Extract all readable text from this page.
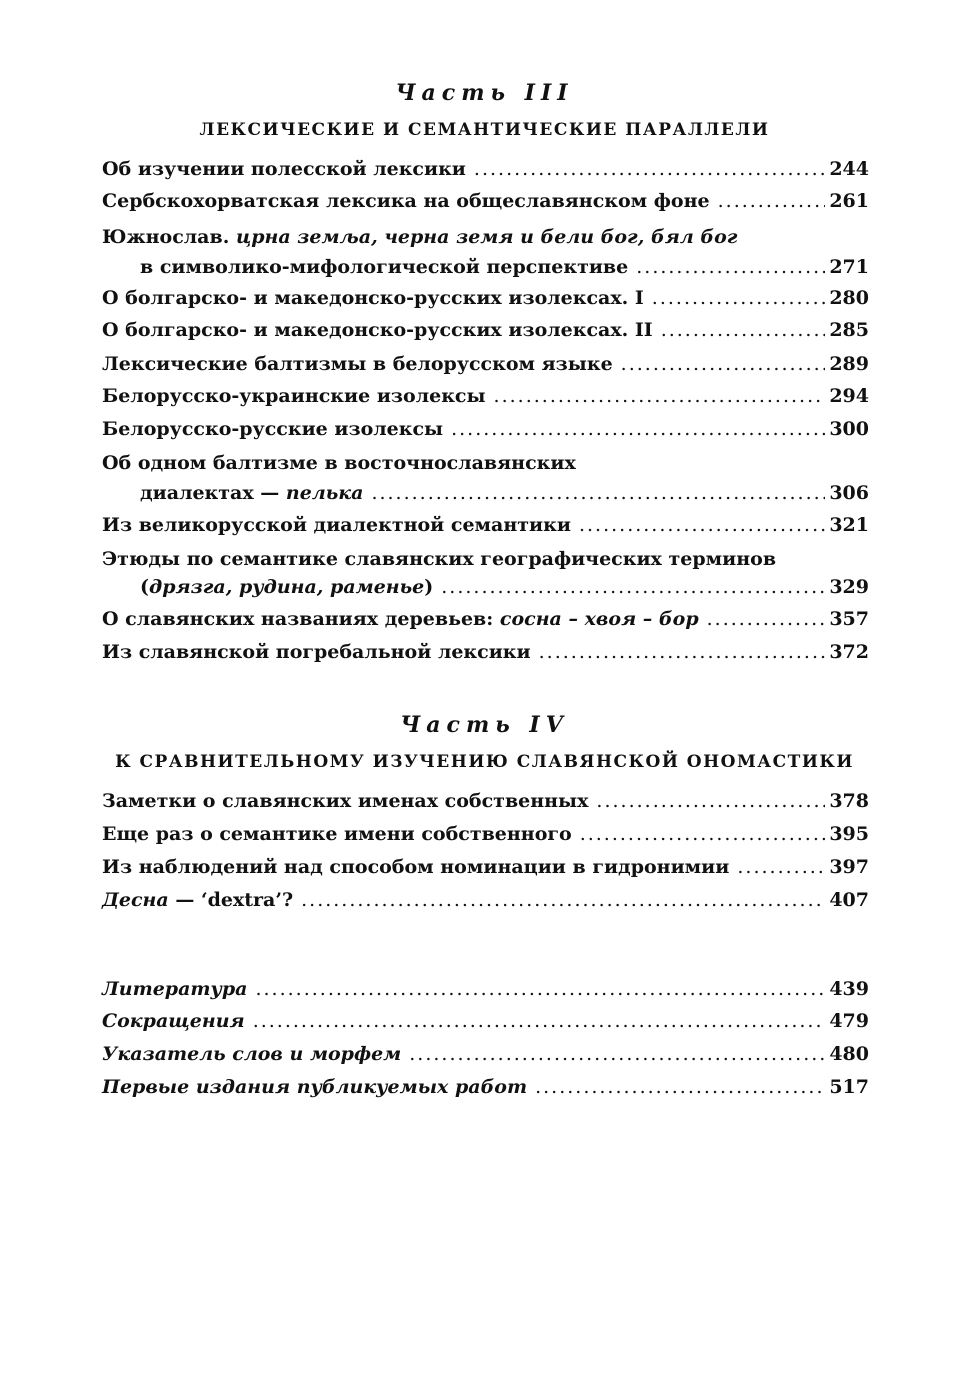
Часть III
ЛЕКСИЧЕСКИЕ И СЕМАНТИЧЕСКИЕ ПАРАЛЛЕЛИ
Об изучении полесской лексики .....	244
Сербскохорватская лексика на общеславянском фоне .....	261
Южнослав. црна земља, черна земя и бели бог, бял бог
в символико-мифологической перспективе .....	271
О болгарско- и македонско-русских изолексах. I .....	280
О болгарско- и македонско-русских изолексах. II .....	285
Лексические балтизмы в белорусском языке .....	289
Белорусско-украинские изолексы .....	294
Белорусско-русские изолексы .....	300
Об одном балтизме в восточнославянских
диалектах — пелька .....	306
Из великорусской диалектной семантики .....	321
Этюды по семантике славянских географических терминов
(дрязга, рудина, раменье) .....	329
О славянских названиях деревьев: сосна – хвоя – бор .....	357
Из славянской погребальной лексики .....	372
Часть IV
К СРАВНИТЕЛЬНОМУ ИЗУЧЕНИЮ СЛАВЯНСКОЙ ОНОМАСТИКИ
Заметки о славянских именах собственных .....	378
Еще раз о семантике имени собственного .....	395
Из наблюдений над способом номинации в гидронимии .....	397
Десна — ‘dextra’? .....	407
Литература .....	439
Сокращения .....	479
Указатель слов и морфем .....	480
Первые издания публикуемых работ .....	517
